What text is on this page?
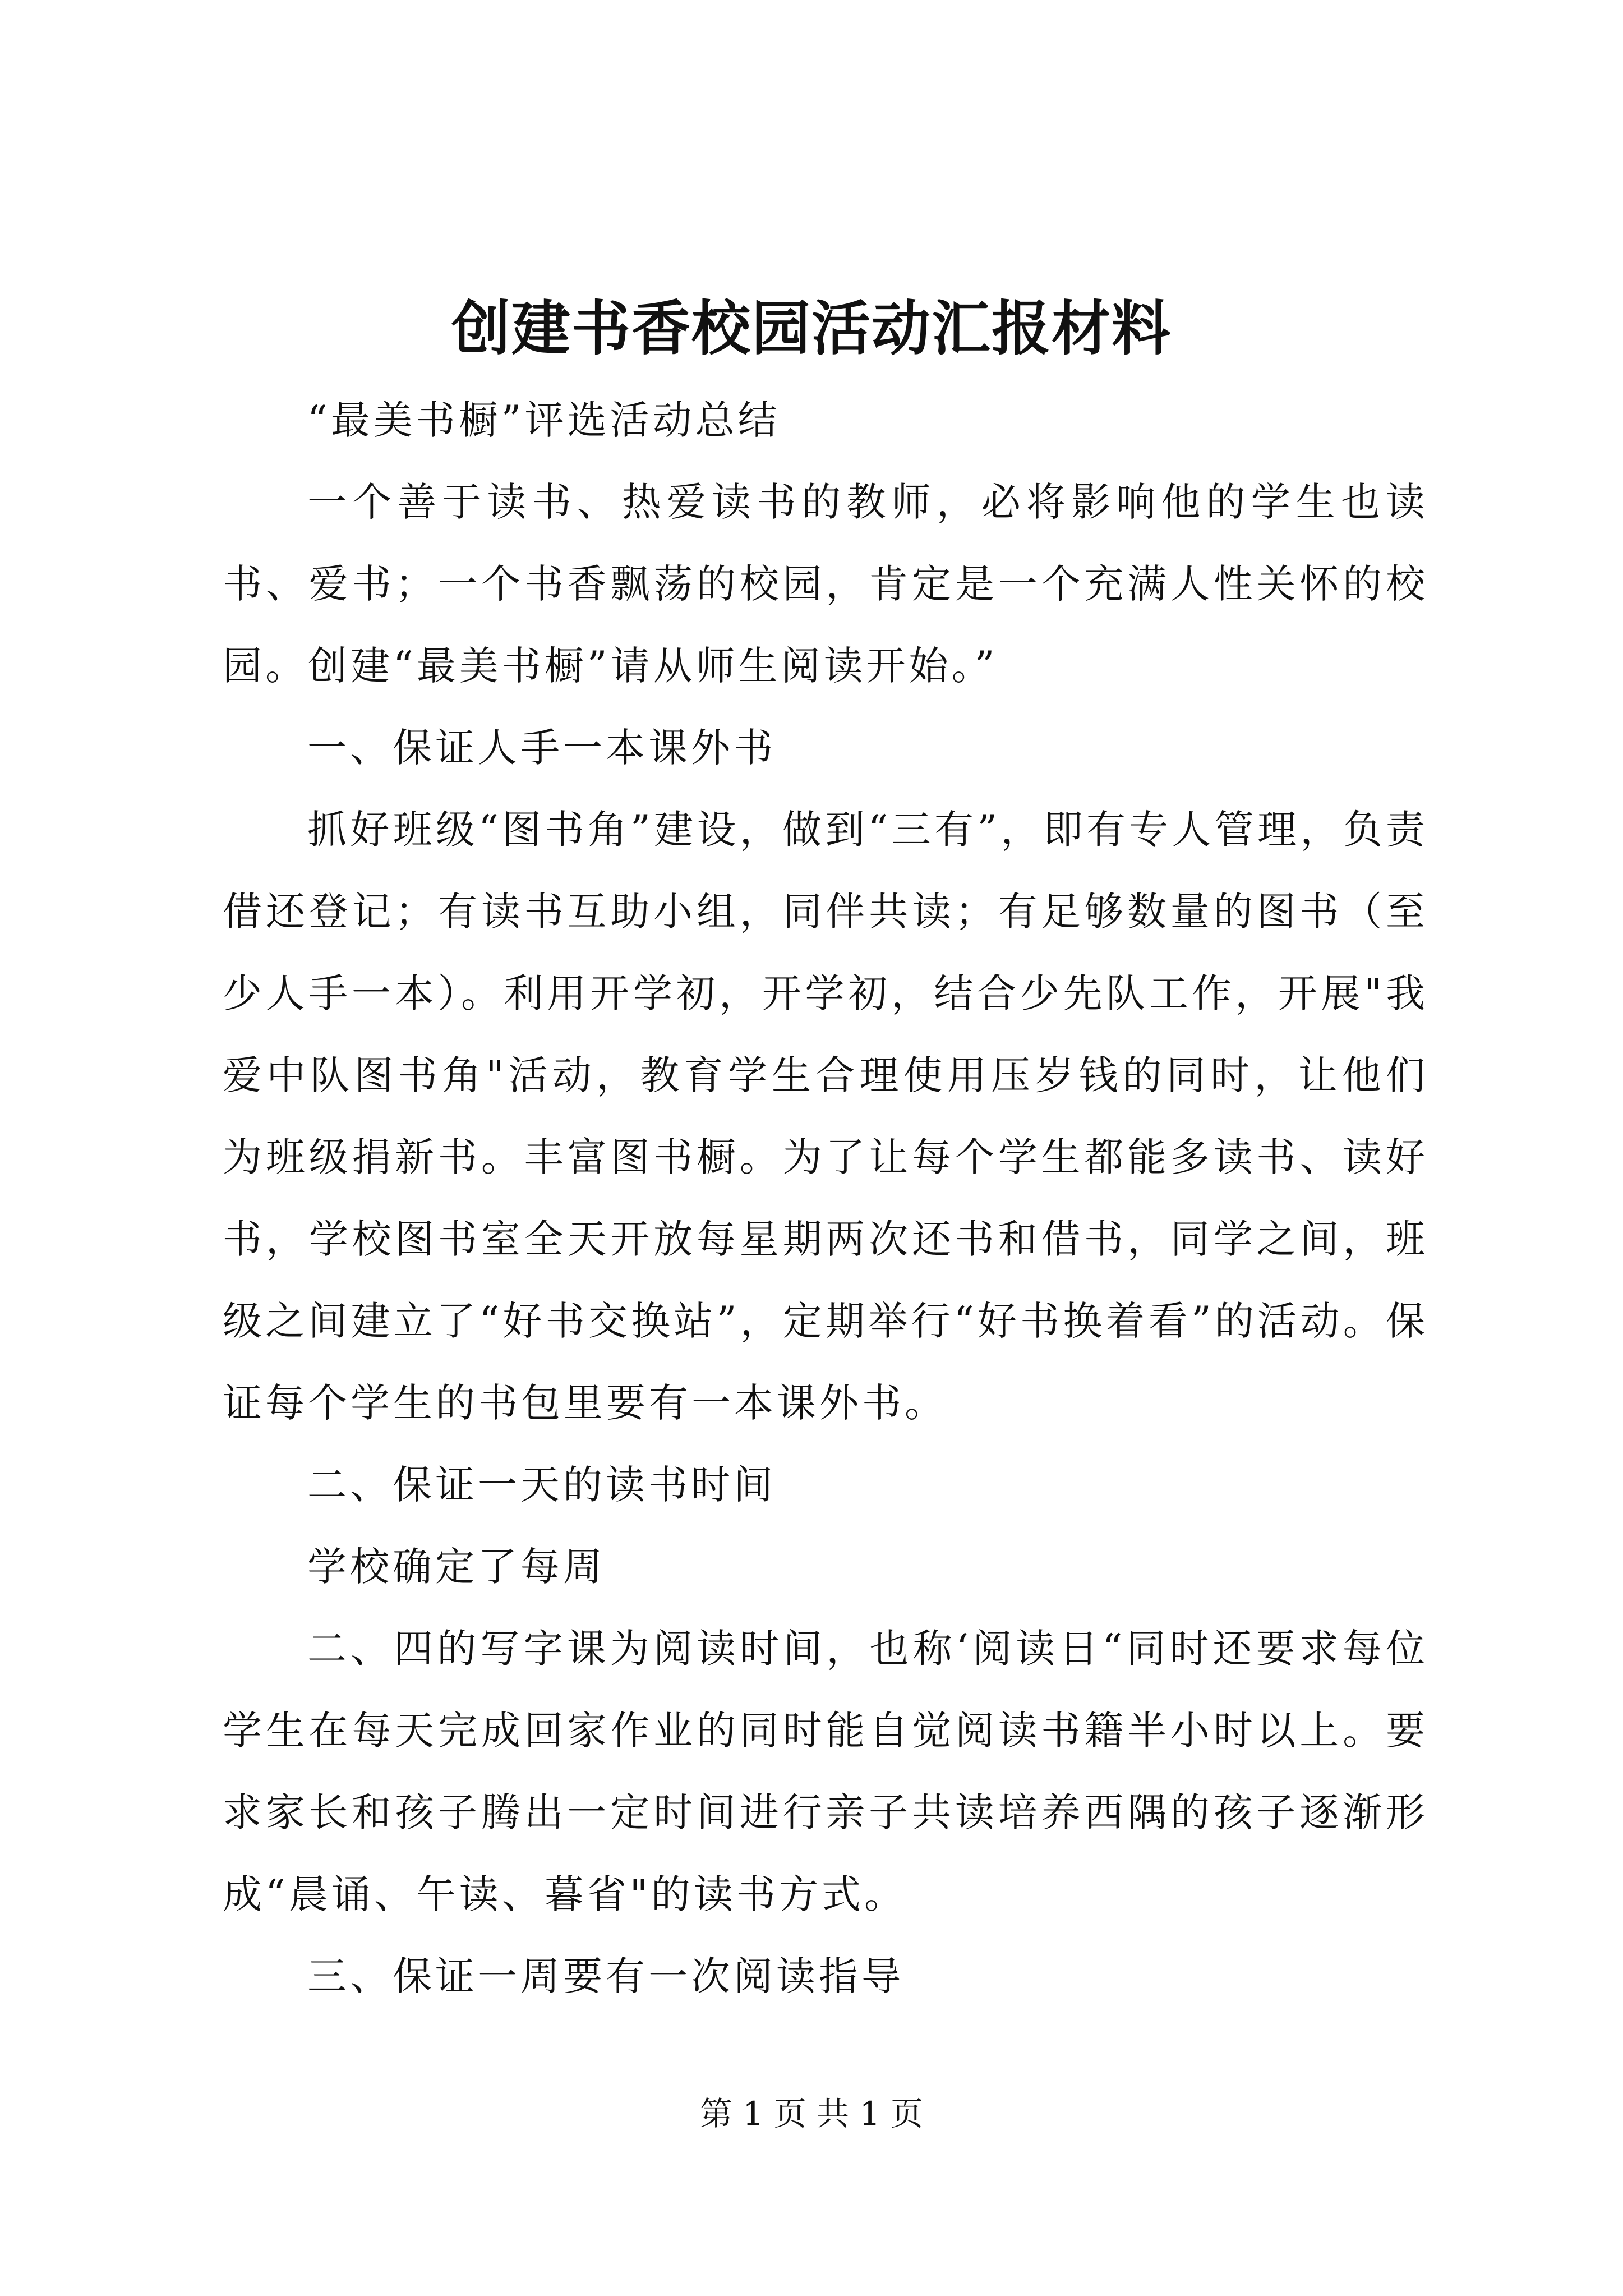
创建书香校园活动汇报材料

“最美书橱”评选活动总结

一个善于读书、热爱读书的教师，必将影响他的学生也读书、爱书；一个书香飘荡的校园，肯定是一个充满人性关怀的校园。创建“最美书橱”请从师生阅读开始。”

一、保证人手一本课外书

抓好班级“图书角”建设，做到“三有”，即有专人管理，负责借还登记；有读书互助小组，同伴共读；有足够数量的图书（至少人手一本）。利用开学初，开学初，结合少先队工作，开展"我爱中队图书角"活动，教育学生合理使用压岁钱的同时，让他们为班级捐新书。丰富图书橱。为了让每个学生都能多读书、读好书，学校图书室全天开放每星期两次还书和借书，同学之间，班级之间建立了“好书交换站”，定期举行“好书换着看”的活动。保证每个学生的书包里要有一本课外书。

二、保证一天的读书时间

学校确定了每周

二、四的写字课为阅读时间，也称‘阅读日“同时还要求每位学生在每天完成回家作业的同时能自觉阅读书籍半小时以上。要求家长和孩子腾出一定时间进行亲子共读培养西隅的孩子逐渐形成“晨诵、午读、暮省"的读书方式。

三、保证一周要有一次阅读指导

第 1 页 共 1 页
